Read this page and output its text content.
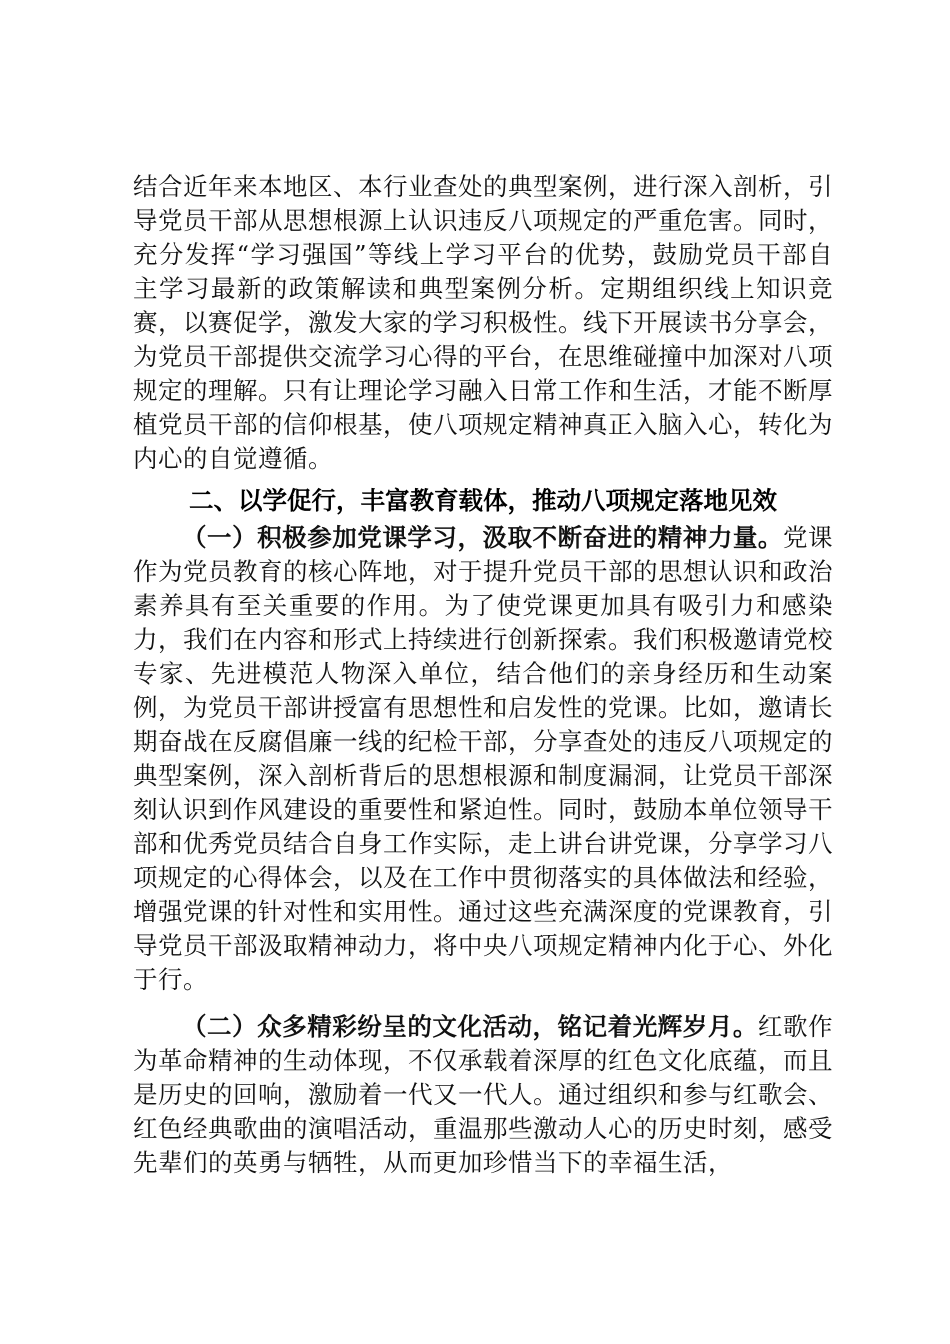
结合近年来本地区、本行业查处的典型案例，进行深入剖析，引导党员干部从思想根源上认识违反八项规定的严重危害。同时，充分发挥“学习强国”等线上学习平台的优势，鼓励党员干部自主学习最新的政策解读和典型案例分析。定期组织线上知识竞赛，以赛促学，激发大家的学习积极性。线下开展读书分享会，为党员干部提供交流学习心得的平台，在思维碰撞中加深对八项规定的理解。只有让理论学习融入日常工作和生活，才能不断厚植党员干部的信仰根基，使八项规定精神真正入脑入心，转化为内心的自觉遵循。

二、以学促行，丰富教育载体，推动八项规定落地见效

（一）积极参加党课学习，汲取不断奋进的精神力量。党课作为党员教育的核心阵地，对于提升党员干部的思想认识和政治素养具有至关重要的作用。为了使党课更加具有吸引力和感染力，我们在内容和形式上持续进行创新探索。我们积极邀请党校专家、先进模范人物深入单位，结合他们的亲身经历和生动案例，为党员干部讲授富有思想性和启发性的党课。比如，邀请长期奋战在反腐倡廉一线的纪检干部，分享查处的违反八项规定的典型案例，深入剖析背后的思想根源和制度漏洞，让党员干部深刻认识到作风建设的重要性和紧迫性。同时，鼓励本单位领导干部和优秀党员结合自身工作实际，走上讲台讲党课，分享学习八项规定的心得体会，以及在工作中贯彻落实的具体做法和经验，增强党课的针对性和实用性。通过这些充满深度的党课教育，引导党员干部汲取精神动力，将中央八项规定精神内化于心、外化于行。

（二）众多精彩纷呈的文化活动，铭记着光辉岁月。红歌作为革命精神的生动体现，不仅承载着深厚的红色文化底蕴，而且是历史的回响，激励着一代又一代人。通过组织和参与红歌会、红色经典歌曲的演唱活动，重温那些激动人心的历史时刻，感受先辈们的英勇与牺牲，从而更加珍惜当下的幸福生活，
